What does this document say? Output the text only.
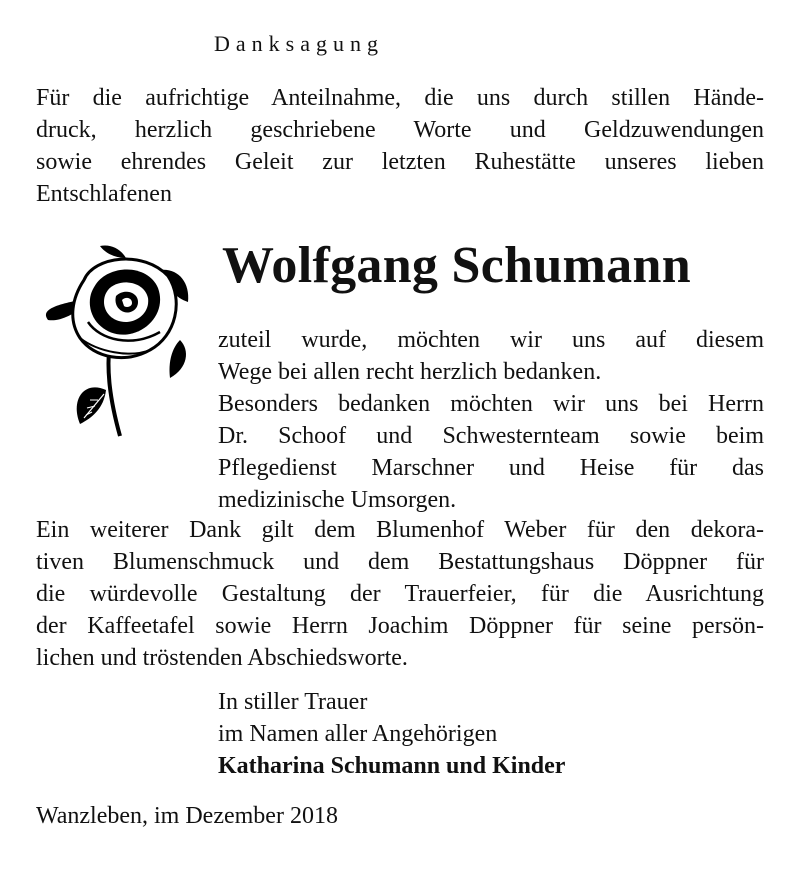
Danksagung
Für die aufrichtige Anteilnahme, die uns durch stillen Hände-
druck, herzlich geschriebene Worte und Geldzuwendungen
sowie ehrendes Geleit zur letzten Ruhestätte unseres lieben
Entschlafenen
Wolfgang Schumann
zuteil wurde, möchten wir uns auf diesem
Wege bei allen recht herzlich bedanken.
Besonders bedanken möchten wir uns bei Herrn
Dr. Schoof und Schwesternteam sowie beim
Pflegedienst Marschner und Heise für das
medizinische Umsorgen.
Ein weiterer Dank gilt dem Blumenhof Weber für den dekora-
tiven Blumenschmuck und dem Bestattungshaus Döppner für
die würdevolle Gestaltung der Trauerfeier, für die Ausrichtung
der Kaffeetafel sowie Herrn Joachim Döppner für seine persön-
lichen und tröstenden Abschiedsworte.
In stiller Trauer
im Namen aller Angehörigen
Katharina Schumann und Kinder
Wanzleben, im Dezember 2018
